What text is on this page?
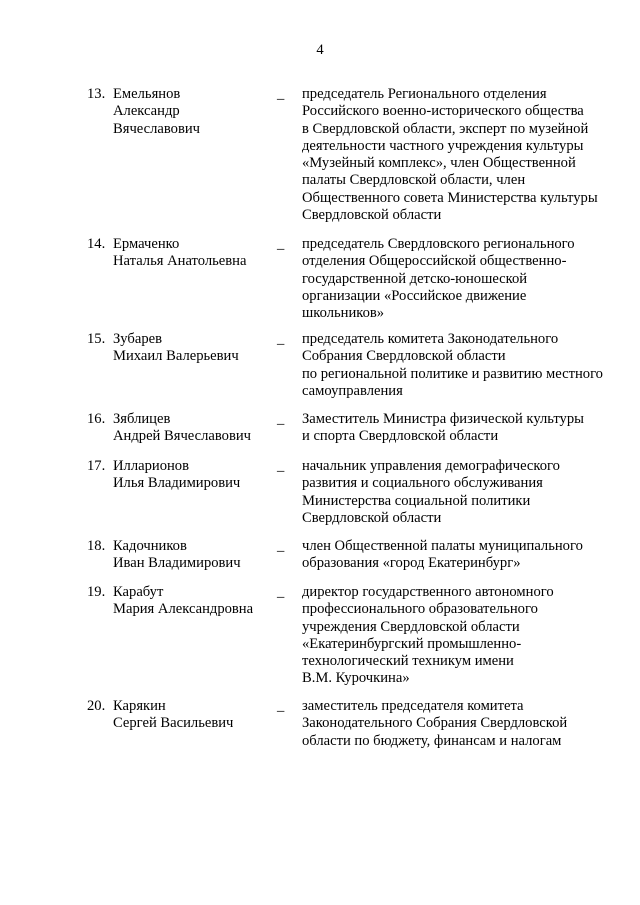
4
13. Емельянов
Александр
Вячеславович
_ председатель Регионального отделения
Российского военно-исторического общества
в Свердловской области, эксперт по музейной
деятельности частного учреждения культуры
«Музейный комплекс», член Общественной
палаты Свердловской области, член
Общественного совета Министерства культуры
Свердловской области
14. Ермаченко
Наталья Анатольевна
_ председатель Свердловского регионального
отделения Общероссийской общественно-
государственной детско-юношеской
организации «Российское движение
школьников»
15. Зубарев
Михаил Валерьевич
_ председатель комитета Законодательного
Собрания Свердловской области
по региональной политике и развитию местного
самоуправления
16. Зяблицев
Андрей Вячеславович
_ Заместитель Министра физической культуры
и спорта Свердловской области
17. Илларионов
Илья Владимирович
_ начальник управления демографического
развития и социального обслуживания
Министерства социальной политики
Свердловской области
18. Кадочников
Иван Владимирович
_ член Общественной палаты муниципального
образования «город Екатеринбург»
19. Карабут
Мария Александровна
_ директор государственного автономного
профессионального образовательного
учреждения Свердловской области
«Екатеринбургский промышленно-
технологический техникум имени
В.М. Курочкина»
20. Карякин
Сергей Васильевич
_ заместитель председателя комитета
Законодательного Собрания Свердловской
области по бюджету, финансам и налогам
